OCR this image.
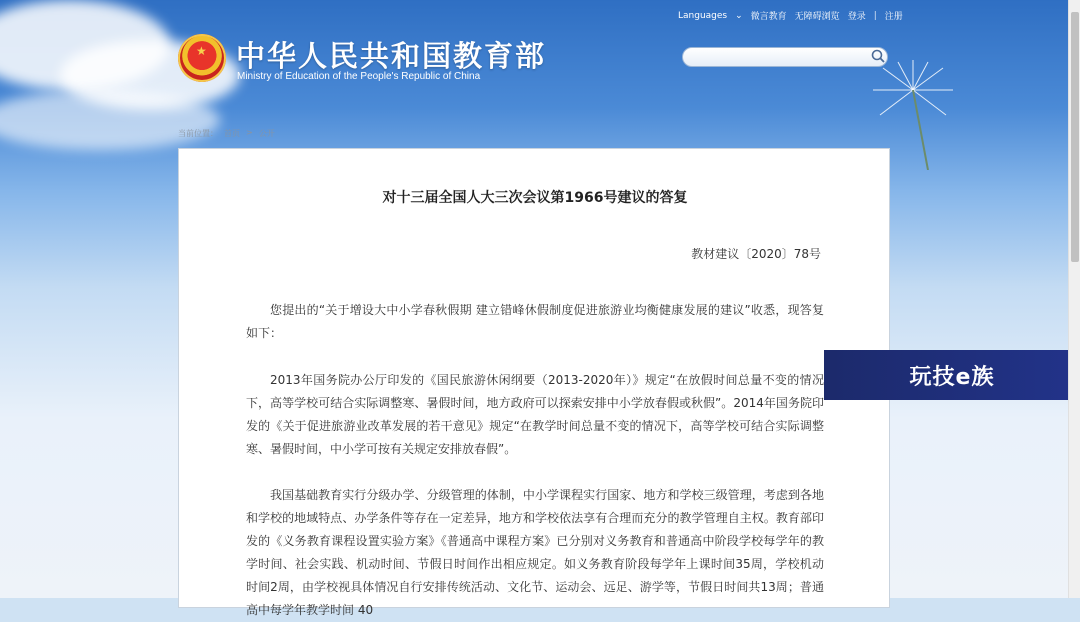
Languages ⌄ 微言教育 无障碍浏览 登录 | 注册
★ 中华人民共和国教育部
Ministry of Education of the People's Republic of China
当前位置： 首页 > 公开
对十三届全国人大三次会议第1966号建议的答复
教材建议〔2020〕78号
您提出的“关于增设大中小学春秋假期 建立错峰休假制度促进旅游业均衡健康发展的建议”收悉，现答复如下：
2013年国务院办公厅印发的《国民旅游休闲纲要（2013-2020年）》规定“在放假时间总量不变的情况下，高等学校可结合实际调整寒、暑假时间，地方政府可以探索安排中小学放春假或秋假”。2014年国务院印发的《关于促进旅游业改革发展的若干意见》规定“在教学时间总量不变的情况下，高等学校可结合实际调整寒、暑假时间，中小学可按有关规定安排放春假”。
我国基础教育实行分级办学、分级管理的体制，中小学课程实行国家、地方和学校三级管理，考虑到各地和学校的地域特点、办学条件等存在一定差异，地方和学校依法享有合理而充分的教学管理自主权。教育部印发的《义务教育课程设置实验方案》《普通高中课程方案》已分别对义务教育和普通高中阶段学校每学年的教学时间、社会实践、机动时间、节假日时间作出相应规定。如义务教育阶段每学年上课时间35周，学校机动时间2周，由学校视具体情况自行安排传统活动、文化节、运动会、远足、游学等，节假日时间共13周；普通高中每学年教学时间 40
玩技e族
